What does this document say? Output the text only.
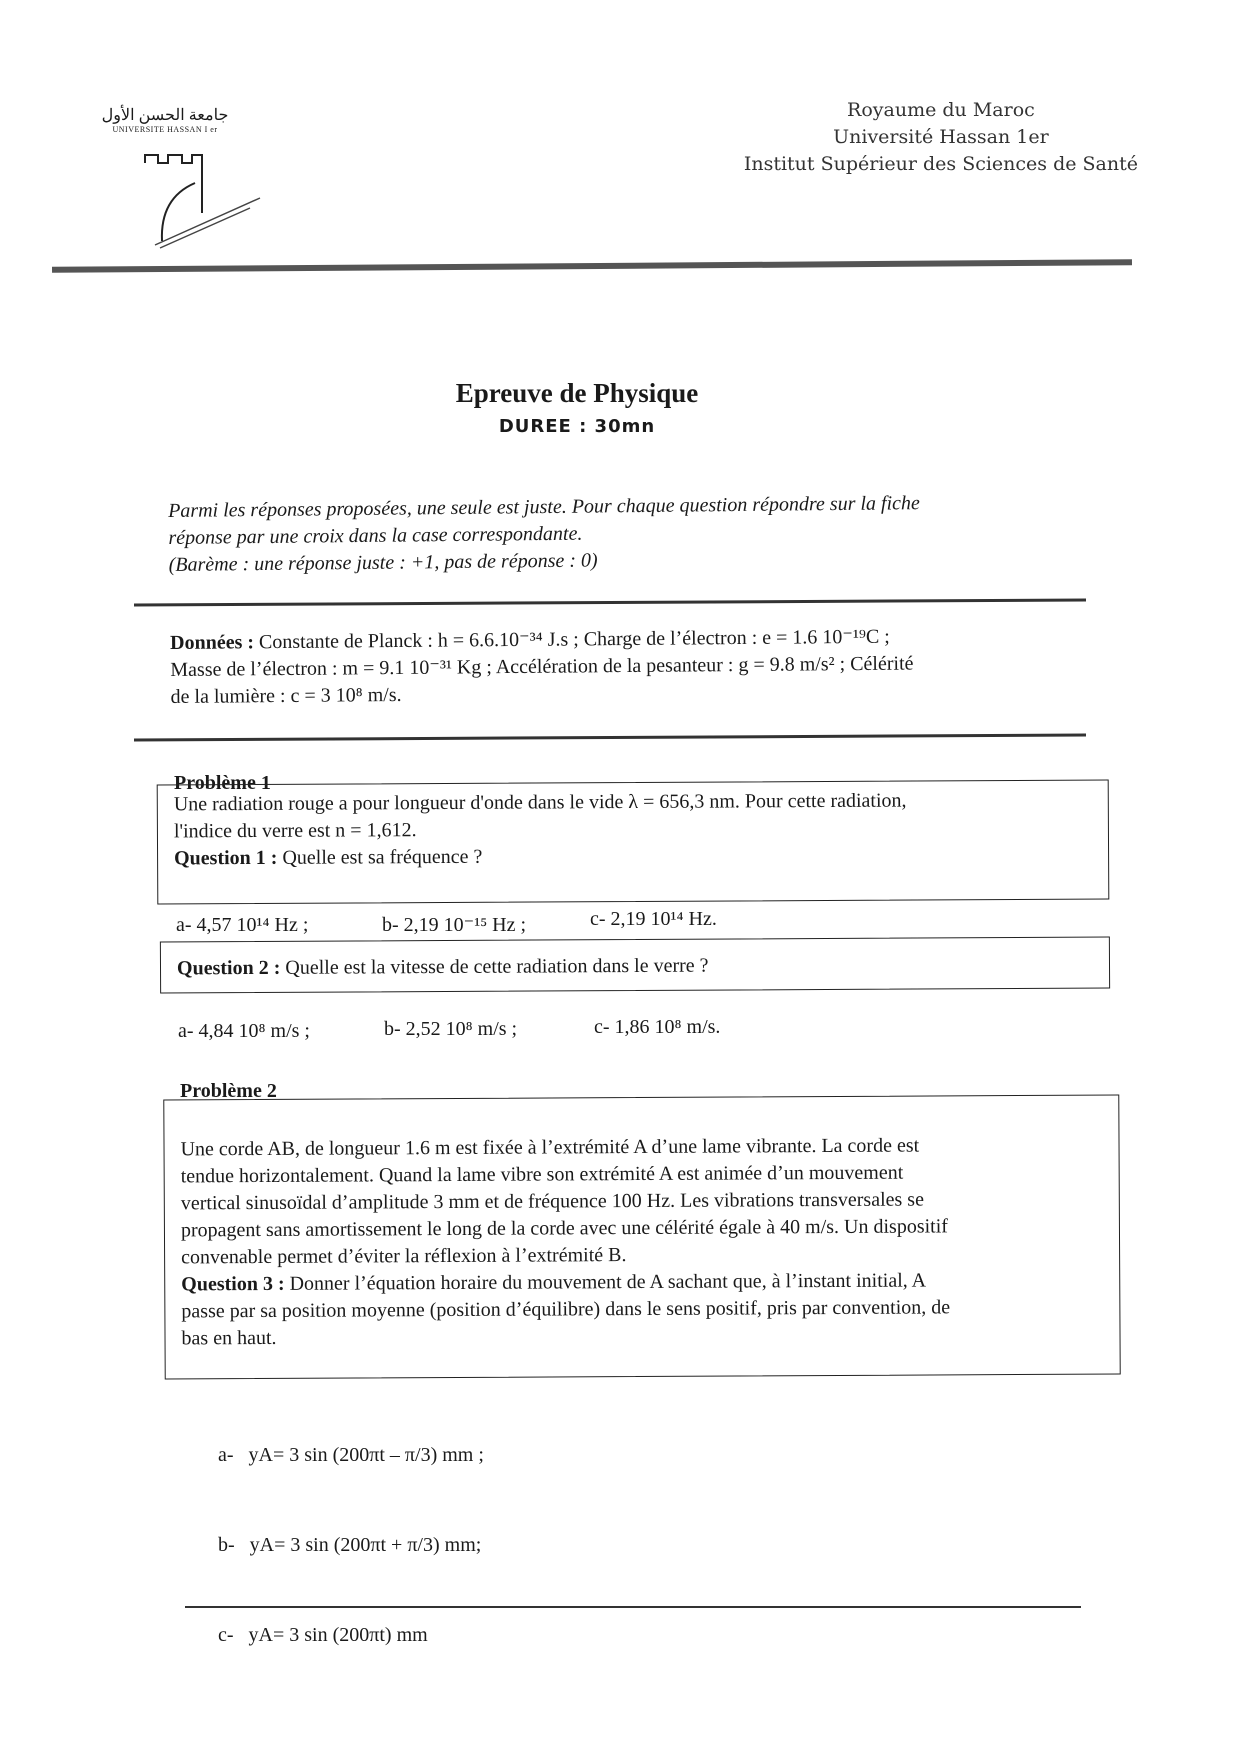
جامعة الحسن الأول
UNIVERSITE HASSAN I er
Royaume du Maroc
Université Hassan 1er
Institut Supérieur des Sciences de Santé
Epreuve de Physique
DUREE : 30mn
Parmi les réponses proposées, une seule est juste. Pour chaque question répondre sur la fiche
réponse par une croix dans la case correspondante.
(Barème : une réponse juste : +1, pas de réponse : 0)
Données : Constante de Planck : h = 6.6.10⁻³⁴ J.s ; Charge de l’électron : e = 1.6 10⁻¹⁹C ;
Masse de l’électron : m = 9.1 10⁻³¹ Kg ; Accélération de la pesanteur : g = 9.8 m/s² ; Célérité
de la lumière : c = 3 10⁸ m/s.
Problème 1
Une radiation rouge a pour longueur d'onde dans le vide λ = 656,3 nm. Pour cette radiation,
l'indice du verre est n = 1,612.
Question 1 : Quelle est sa fréquence ?
a- 4,57 10¹⁴ Hz ;	b- 2,19 10⁻¹⁵ Hz ;	c- 2,19 10¹⁴ Hz.
Question 2 : Quelle est la vitesse de cette radiation dans le verre ?
a- 4,84 10⁸ m/s ;	b- 2,52 10⁸ m/s ;	c- 1,86 10⁸ m/s.
Problème 2
Une corde AB, de longueur 1.6 m est fixée à l’extrémité A d’une lame vibrante. La corde est
tendue horizontalement. Quand la lame vibre son extrémité A est animée d’un mouvement
vertical sinusoïdal d’amplitude 3 mm et de fréquence 100 Hz. Les vibrations transversales se
propagent sans amortissement le long de la corde avec une célérité égale à 40 m/s. Un dispositif
convenable permet d’éviter la réflexion à l’extrémité B.
Question 3 : Donner l’équation horaire du mouvement de A sachant que, à l’instant initial, A
passe par sa position moyenne (position d’équilibre) dans le sens positif, pris par convention, de
bas en haut.

a-   yA= 3 sin (200πt – π/3) mm ;

b-   yA= 3 sin (200πt + π/3) mm;

c-   yA= 3 sin (200πt) mm
